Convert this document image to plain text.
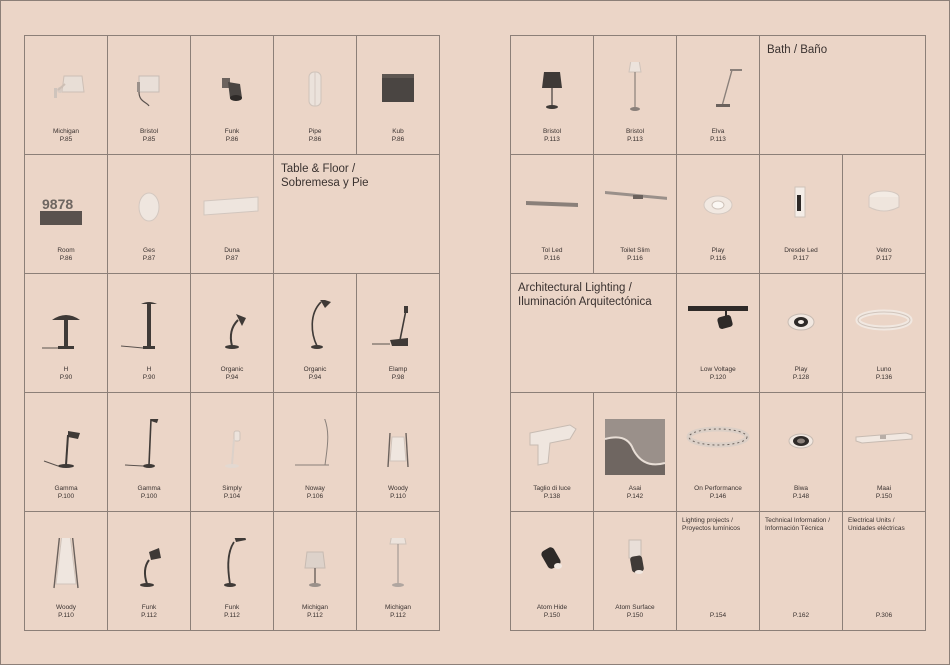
Michigan
P.85
Bristol
P.85
Funk
P.86
Pipe
P.86
Kub
P.86
9878
Room
P.86
Ges
P.87
Duna
P.87
Table & Floor /
Sobremesa y Pie
H
P.90
H
P.90
Organic
P.94
Organic
P.94
Elamp
P.98
Gamma
P.100
Gamma
P.100
Simply
P.104
Noway
P.106
Woody
P.110
Woody
P.110
Funk
P.112
Funk
P.112
Michigan
P.112
Michigan
P.112
Bristol
P.113
Bristol
P.113
Elva
P.113
Bath / Baño
Tol Led
P.116
Toilet Slim
P.116
Play
P.116
Dresde Led
P.117
Vetro
P.117
Architectural Lighting /
Iluminación Arquitectónica
Low Voltage
P.120
Play
P.128
Luno
P.136
Taglio di luce
P.138
Asai
P.142
On Performance
P.146
Biwa
P.148
Maai
P.150
Atom Hide
P.150
Atom Surface
P.150
Lighting projects /
Proyectos lumínicos
P.154
Technical Information /
Información Técnica
P.162
Electrical Units /
Unidades eléctricas
P.306
